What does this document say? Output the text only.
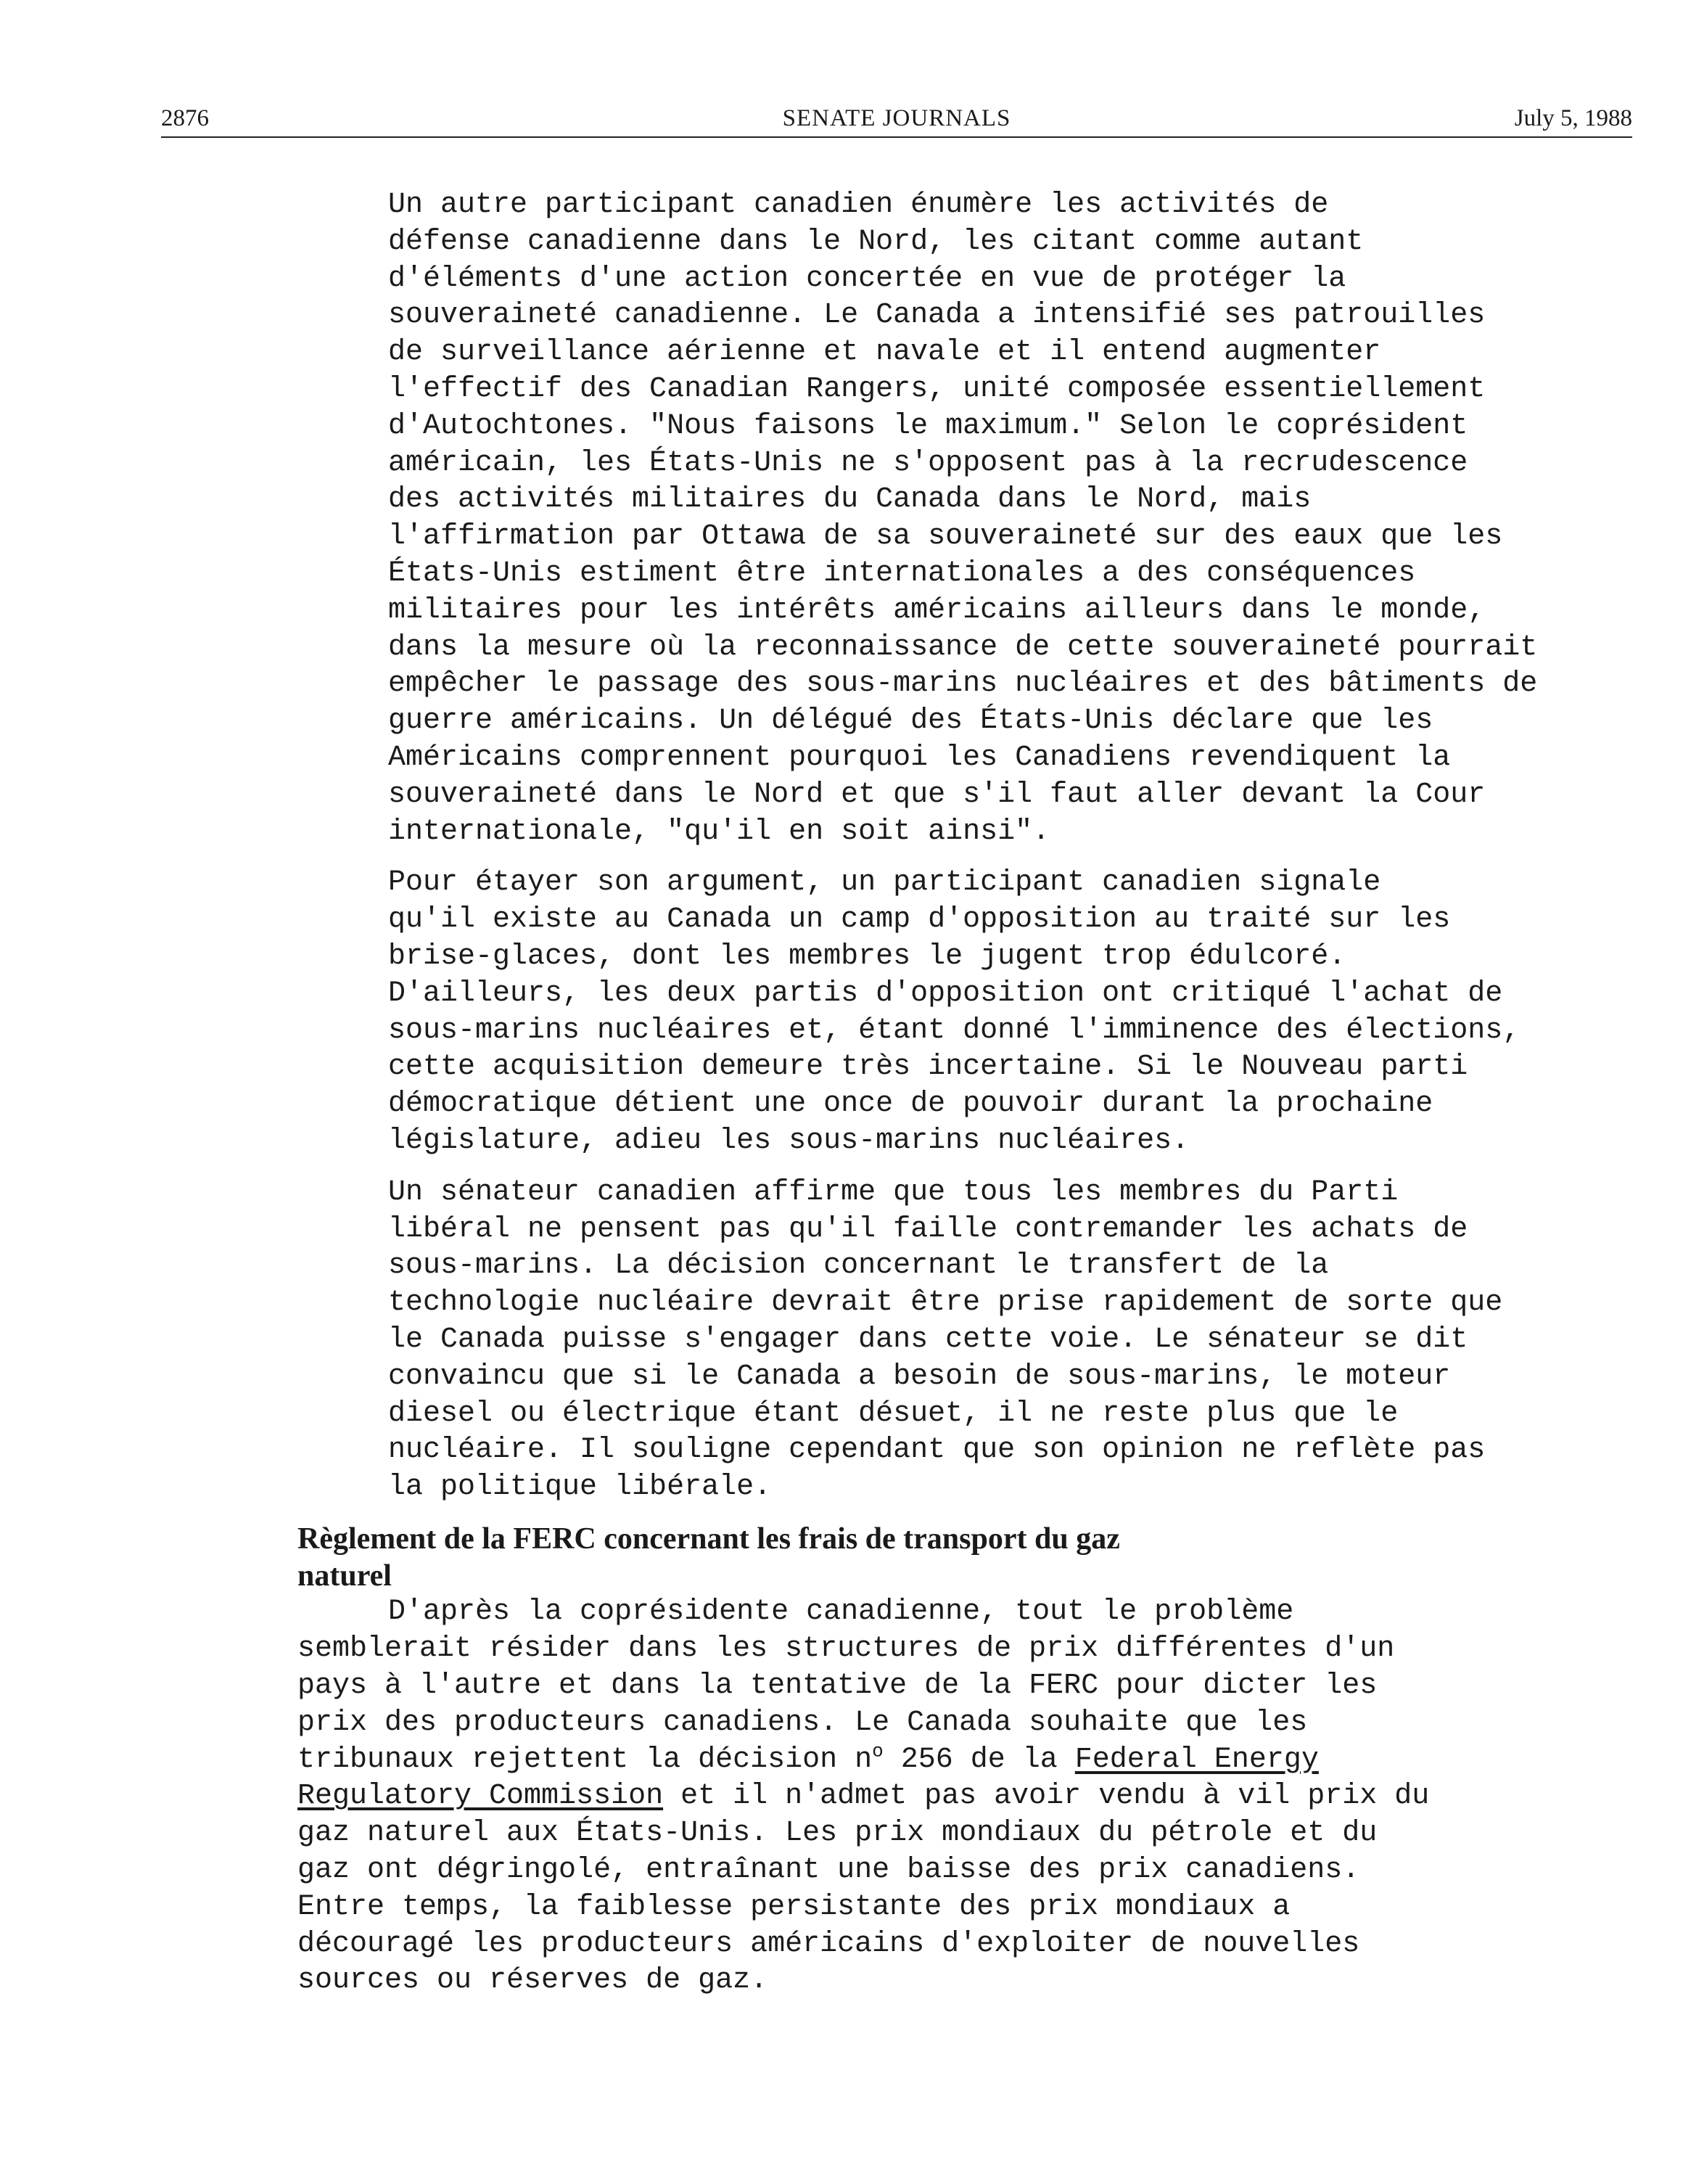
2876	SENATE JOURNALS	July 5, 1988

Un autre participant canadien énumère les activités de
défense canadienne dans le Nord, les citant comme autant
d'éléments d'une action concertée en vue de protéger la
souveraineté canadienne. Le Canada a intensifié ses patrouilles
de surveillance aérienne et navale et il entend augmenter
l'effectif des Canadian Rangers, unité composée essentiellement
d'Autochtones. "Nous faisons le maximum." Selon le coprésident
américain, les États-Unis ne s'opposent pas à la recrudescence
des activités militaires du Canada dans le Nord, mais
l'affirmation par Ottawa de sa souveraineté sur des eaux que les
États-Unis estiment être internationales a des conséquences
militaires pour les intérêts américains ailleurs dans le monde,
dans la mesure où la reconnaissance de cette souveraineté pourrait
empêcher le passage des sous-marins nucléaires et des bâtiments de
guerre américains. Un délégué des États-Unis déclare que les
Américains comprennent pourquoi les Canadiens revendiquent la
souveraineté dans le Nord et que s'il faut aller devant la Cour
internationale, "qu'il en soit ainsi".

Pour étayer son argument, un participant canadien signale
qu'il existe au Canada un camp d'opposition au traité sur les
brise-glaces, dont les membres le jugent trop édulcoré.
D'ailleurs, les deux partis d'opposition ont critiqué l'achat de
sous-marins nucléaires et, étant donné l'imminence des élections,
cette acquisition demeure très incertaine. Si le Nouveau parti
démocratique détient une once de pouvoir durant la prochaine
législature, adieu les sous-marins nucléaires.

Un sénateur canadien affirme que tous les membres du Parti
libéral ne pensent pas qu'il faille contremander les achats de
sous-marins. La décision concernant le transfert de la
technologie nucléaire devrait être prise rapidement de sorte que
le Canada puisse s'engager dans cette voie. Le sénateur se dit
convaincu que si le Canada a besoin de sous-marins, le moteur
diesel ou électrique étant désuet, il ne reste plus que le
nucléaire. Il souligne cependant que son opinion ne reflète pas
la politique libérale.

Règlement de la FERC concernant les frais de transport du gaz
naturel

D'après la coprésidente canadienne, tout le problème
semblerait résider dans les structures de prix différentes d'un
pays à l'autre et dans la tentative de la FERC pour dicter les
prix des producteurs canadiens. Le Canada souhaite que les
tribunaux rejettent la décision $n^o$ 256 de la Federal Energy
Regulatory Commission et il n'admet pas avoir vendu à vil prix du
gaz naturel aux États-Unis. Les prix mondiaux du pétrole et du
gaz ont dégringolé, entraînant une baisse des prix canadiens.
Entre temps, la faiblesse persistante des prix mondiaux a
découragé les producteurs américains d'exploiter de nouvelles
sources ou réserves de gaz.
